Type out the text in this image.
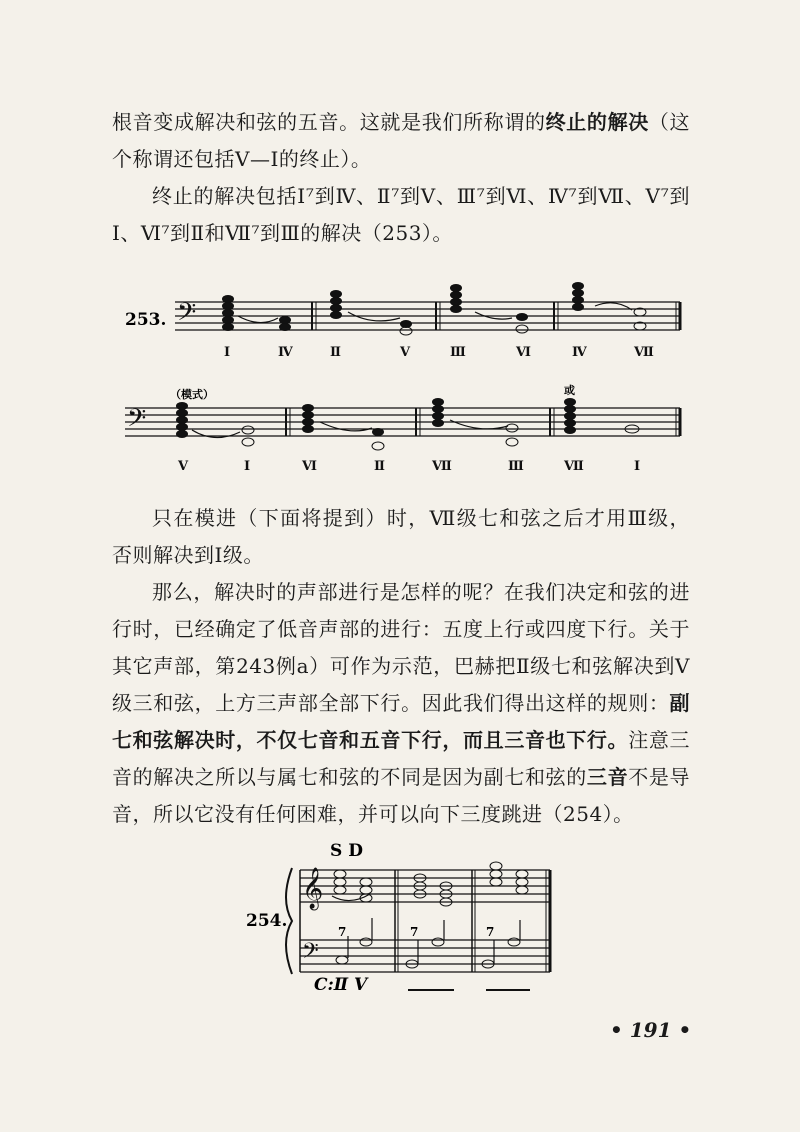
根音变成解决和弦的五音。这就是我们所称谓的终止的解决（这个称谓还包括Ⅴ—Ⅰ的终止）。
终止的解决包括Ⅰ⁷到Ⅳ、Ⅱ⁷到Ⅴ、Ⅲ⁷到Ⅵ、Ⅳ⁷到Ⅶ、Ⅴ⁷到Ⅰ、Ⅵ⁷到Ⅱ和Ⅶ⁷到Ⅲ的解决（253）。
𝄢
𝄢
253.
Ⅰ	Ⅳ	Ⅱ	Ⅴ	Ⅲ	Ⅵ	Ⅳ	Ⅶ
（模式）	或
Ⅴ	Ⅰ	Ⅵ	Ⅱ	Ⅶ	Ⅲ	Ⅶ	Ⅰ
只在模进（下面将提到）时，Ⅶ级七和弦之后才用Ⅲ级，否则解决到Ⅰ级。
那么，解决时的声部进行是怎样的呢？在我们决定和弦的进行时，已经确定了低音声部的进行：五度上行或四度下行。关于其它声部，第243例a）可作为示范，巴赫把Ⅱ级七和弦解决到Ⅴ级三和弦，上方三声部全部下行。因此我们得出这样的规则：副七和弦解决时，不仅七音和五音下行，而且三音也下行。注意三音的解决之所以与属七和弦的不同是因为副七和弦的三音不是导音，所以它没有任何困难，并可以向下三度跳进（254）。
𝄞
𝄢
S D
7	7	7
254.
C:Ⅱ Ⅴ
• 191 •
